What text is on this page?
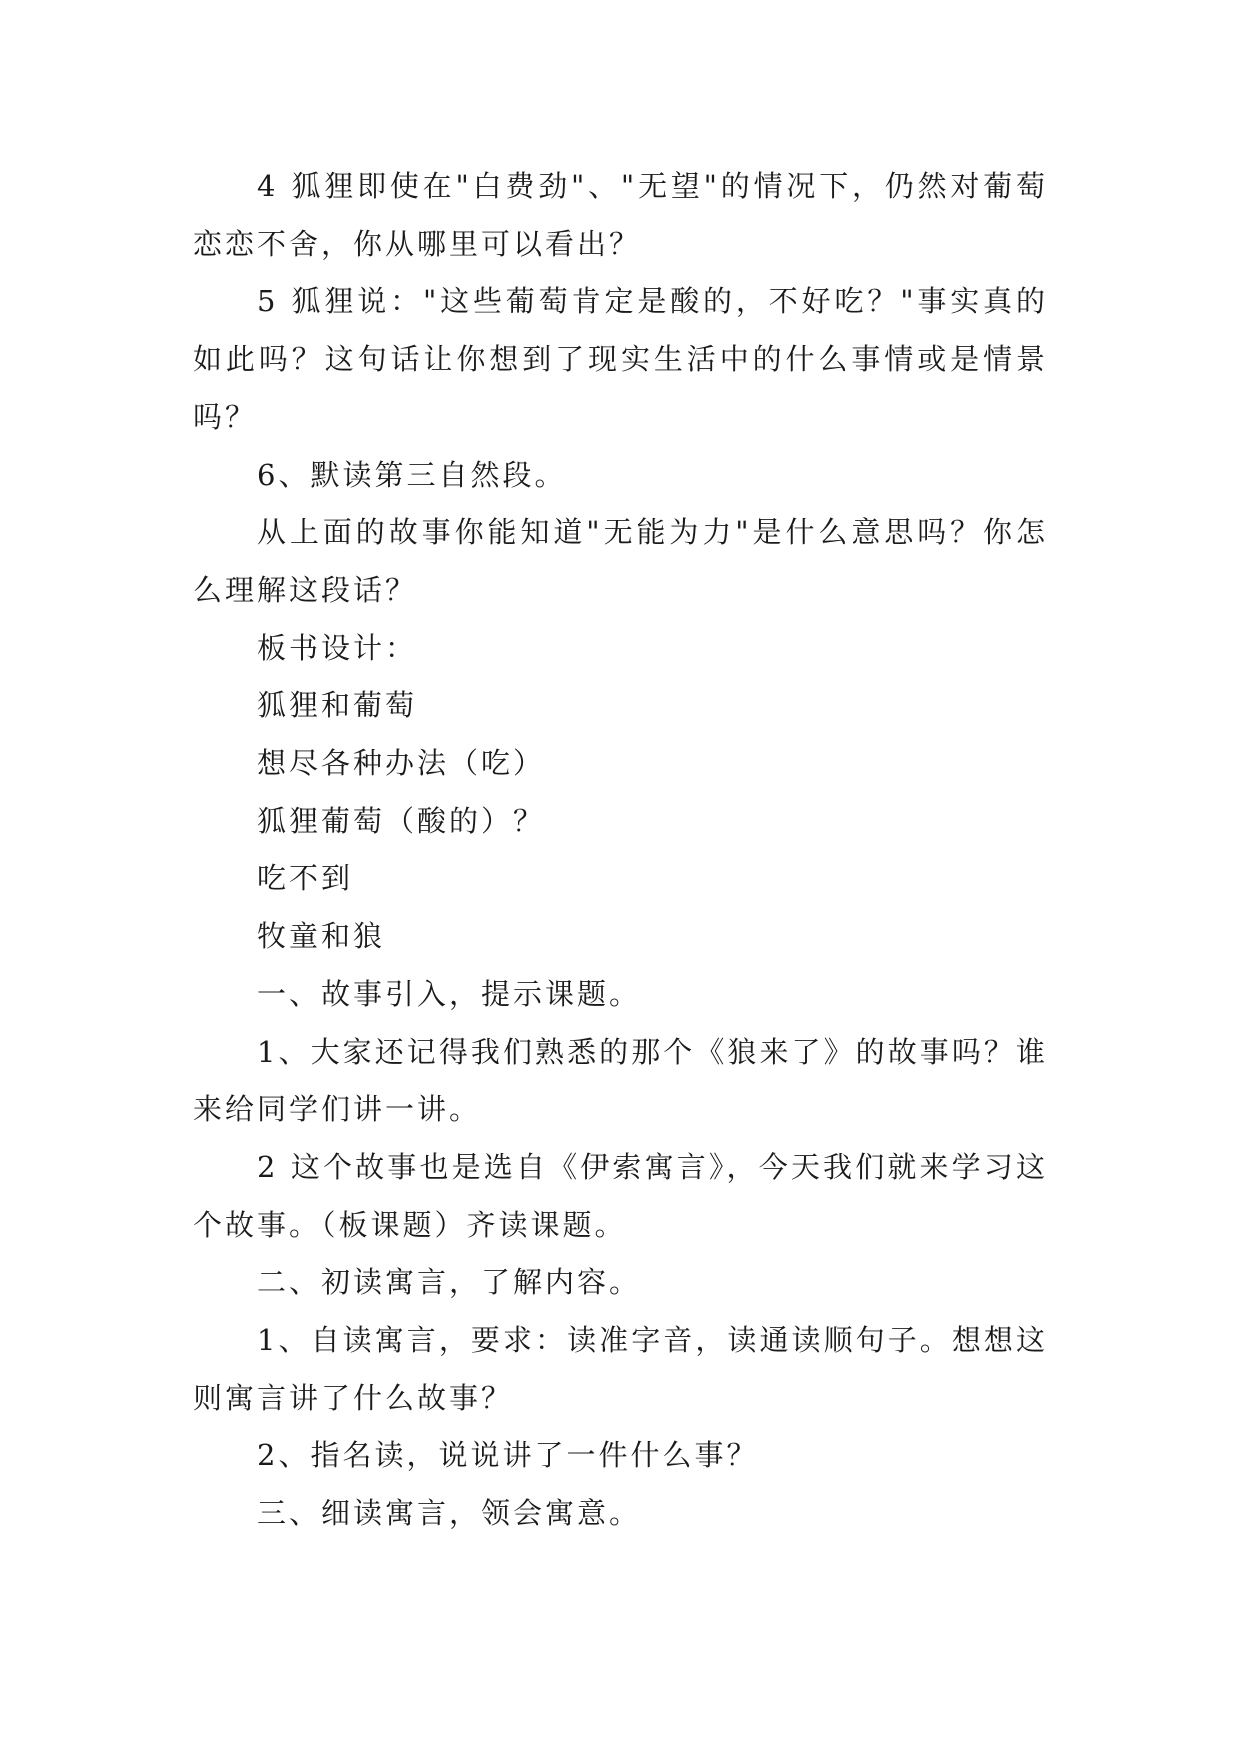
4 狐狸即使在"白费劲"、"无望"的情况下，仍然对葡萄恋恋不舍，你从哪里可以看出？

5 狐狸说："这些葡萄肯定是酸的，不好吃？"事实真的如此吗？这句话让你想到了现实生活中的什么事情或是情景吗？

6、默读第三自然段。

从上面的故事你能知道"无能为力"是什么意思吗？你怎么理解这段话？

板书设计：

狐狸和葡萄

想尽各种办法（吃）

狐狸葡萄（酸的）？

吃不到

牧童和狼

一、故事引入，提示课题。

1、大家还记得我们熟悉的那个《狼来了》的故事吗？谁来给同学们讲一讲。

2 这个故事也是选自《伊索寓言》，今天我们就来学习这个故事。（板课题）齐读课题。

二、初读寓言，了解内容。

1、自读寓言，要求：读准字音，读通读顺句子。想想这则寓言讲了什么故事？

2、指名读，说说讲了一件什么事？

三、细读寓言，领会寓意。
